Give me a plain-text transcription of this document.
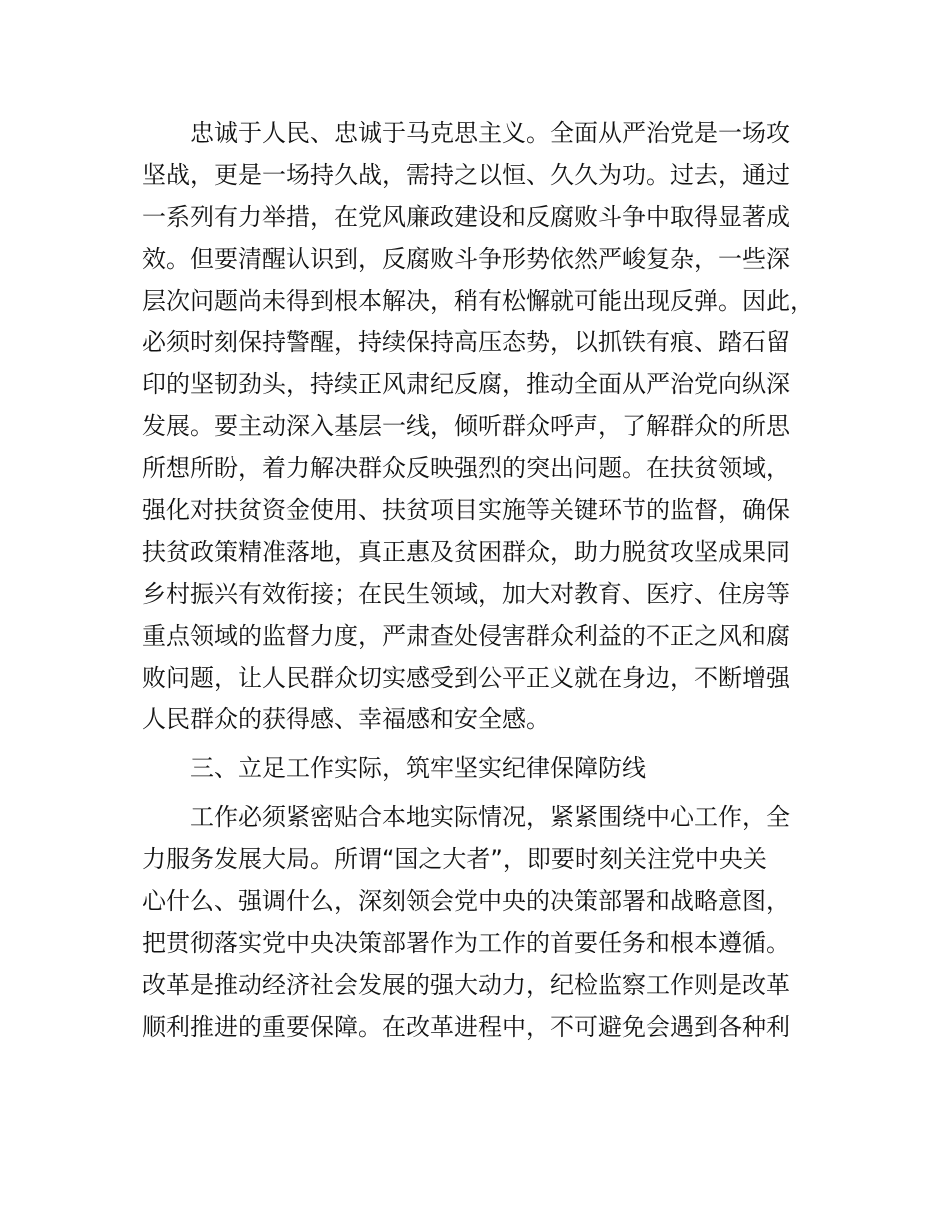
　　忠诚于人民、忠诚于马克思主义。全面从严治党是一场攻
坚战，更是一场持久战，需持之以恒、久久为功。过去，通过
一系列有力举措，在党风廉政建设和反腐败斗争中取得显著成
效。但要清醒认识到，反腐败斗争形势依然严峻复杂，一些深
层次问题尚未得到根本解决，稍有松懈就可能出现反弹。因此，
必须时刻保持警醒，持续保持高压态势，以抓铁有痕、踏石留
印的坚韧劲头，持续正风肃纪反腐，推动全面从严治党向纵深
发展。要主动深入基层一线，倾听群众呼声，了解群众的所思
所想所盼，着力解决群众反映强烈的突出问题。在扶贫领域，
强化对扶贫资金使用、扶贫项目实施等关键环节的监督，确保
扶贫政策精准落地，真正惠及贫困群众，助力脱贫攻坚成果同
乡村振兴有效衔接；在民生领域，加大对教育、医疗、住房等
重点领域的监督力度，严肃查处侵害群众利益的不正之风和腐
败问题，让人民群众切实感受到公平正义就在身边，不断增强
人民群众的获得感、幸福感和安全感。
　　三、立足工作实际，筑牢坚实纪律保障防线
　　工作必须紧密贴合本地实际情况，紧紧围绕中心工作，全
力服务发展大局。所谓“国之大者”，即要时刻关注党中央关
心什么、强调什么，深刻领会党中央的决策部署和战略意图，
把贯彻落实党中央决策部署作为工作的首要任务和根本遵循。
改革是推动经济社会发展的强大动力，纪检监察工作则是改革
顺利推进的重要保障。在改革进程中，不可避免会遇到各种利
